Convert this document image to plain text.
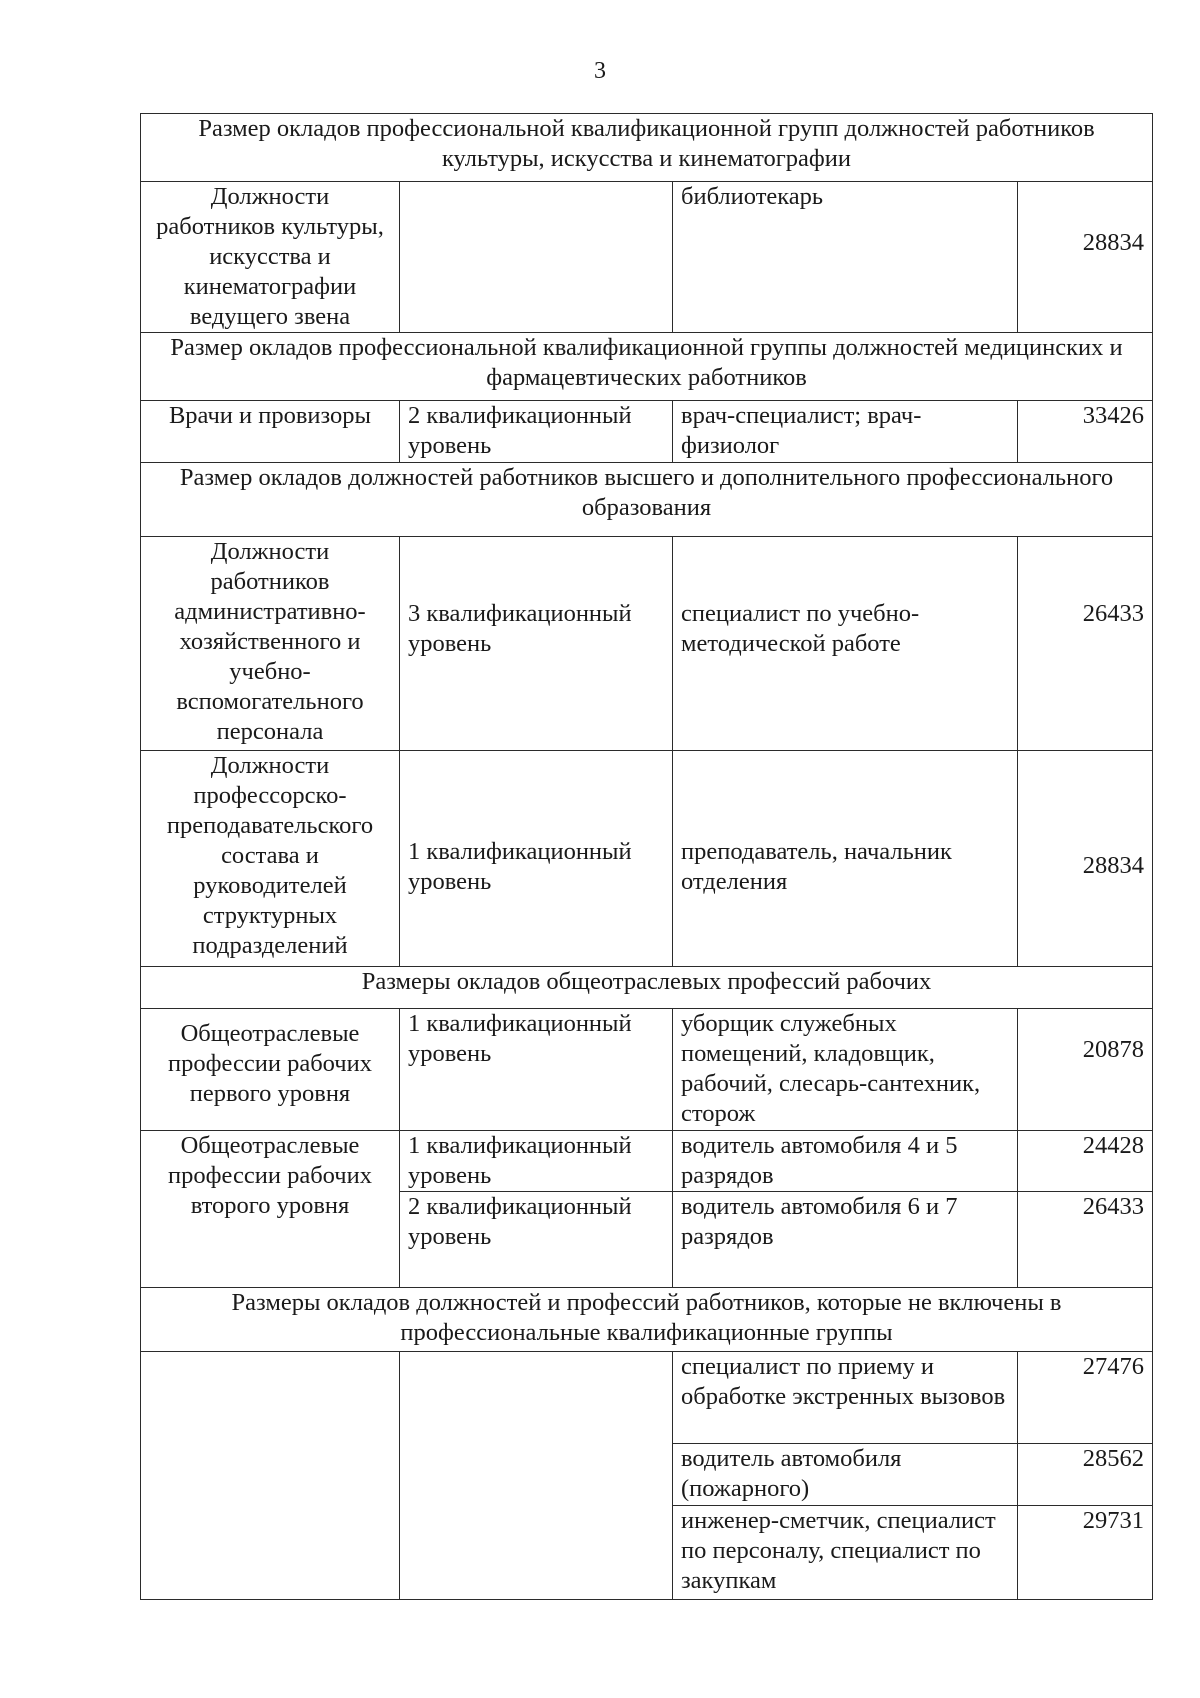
3
Размер окладов профессиональной квалификационной групп должностей работников культуры, искусства и кинематографии			
Должности работников культуры, искусства и кинематографии ведущего звена		библиотекарь	28834
Размер окладов профессиональной квалификационной группы должностей медицинских и фармацевтических работников			
Врачи и провизоры	2 квалификационный уровень	врач-специалист; врач-физиолог	33426
Размер окладов должностей работников высшего и дополнительного профессионального образования			
Должности работников административно-хозяйственного и учебно-вспомогательного персонала	3 квалификационный уровень	специалист по учебно-методической работе	26433
Должности профессорско-преподавательского состава и руководителей структурных подразделений	1 квалификационный уровень	преподаватель, начальник отделения	28834
Размеры окладов общеотраслевых профессий рабочих			
Общеотраслевые профессии рабочих первого уровня	1 квалификационный уровень	уборщик служебных помещений, кладовщик, рабочий, слесарь-сантехник, сторож	20878
Общеотраслевые профессии рабочих второго уровня	1 квалификационный уровень	водитель автомобиля 4 и 5 разрядов	24428
	2 квалификационный уровень	водитель автомобиля 6 и 7 разрядов	26433
Размеры окладов должностей и профессий работников, которые не включены в профессиональные квалификационные группы			
		специалист по приему и обработке экстренных вызовов	27476
		водитель автомобиля (пожарного)	28562
		инженер-сметчик, специалист по персоналу, специалист по закупкам	29731
